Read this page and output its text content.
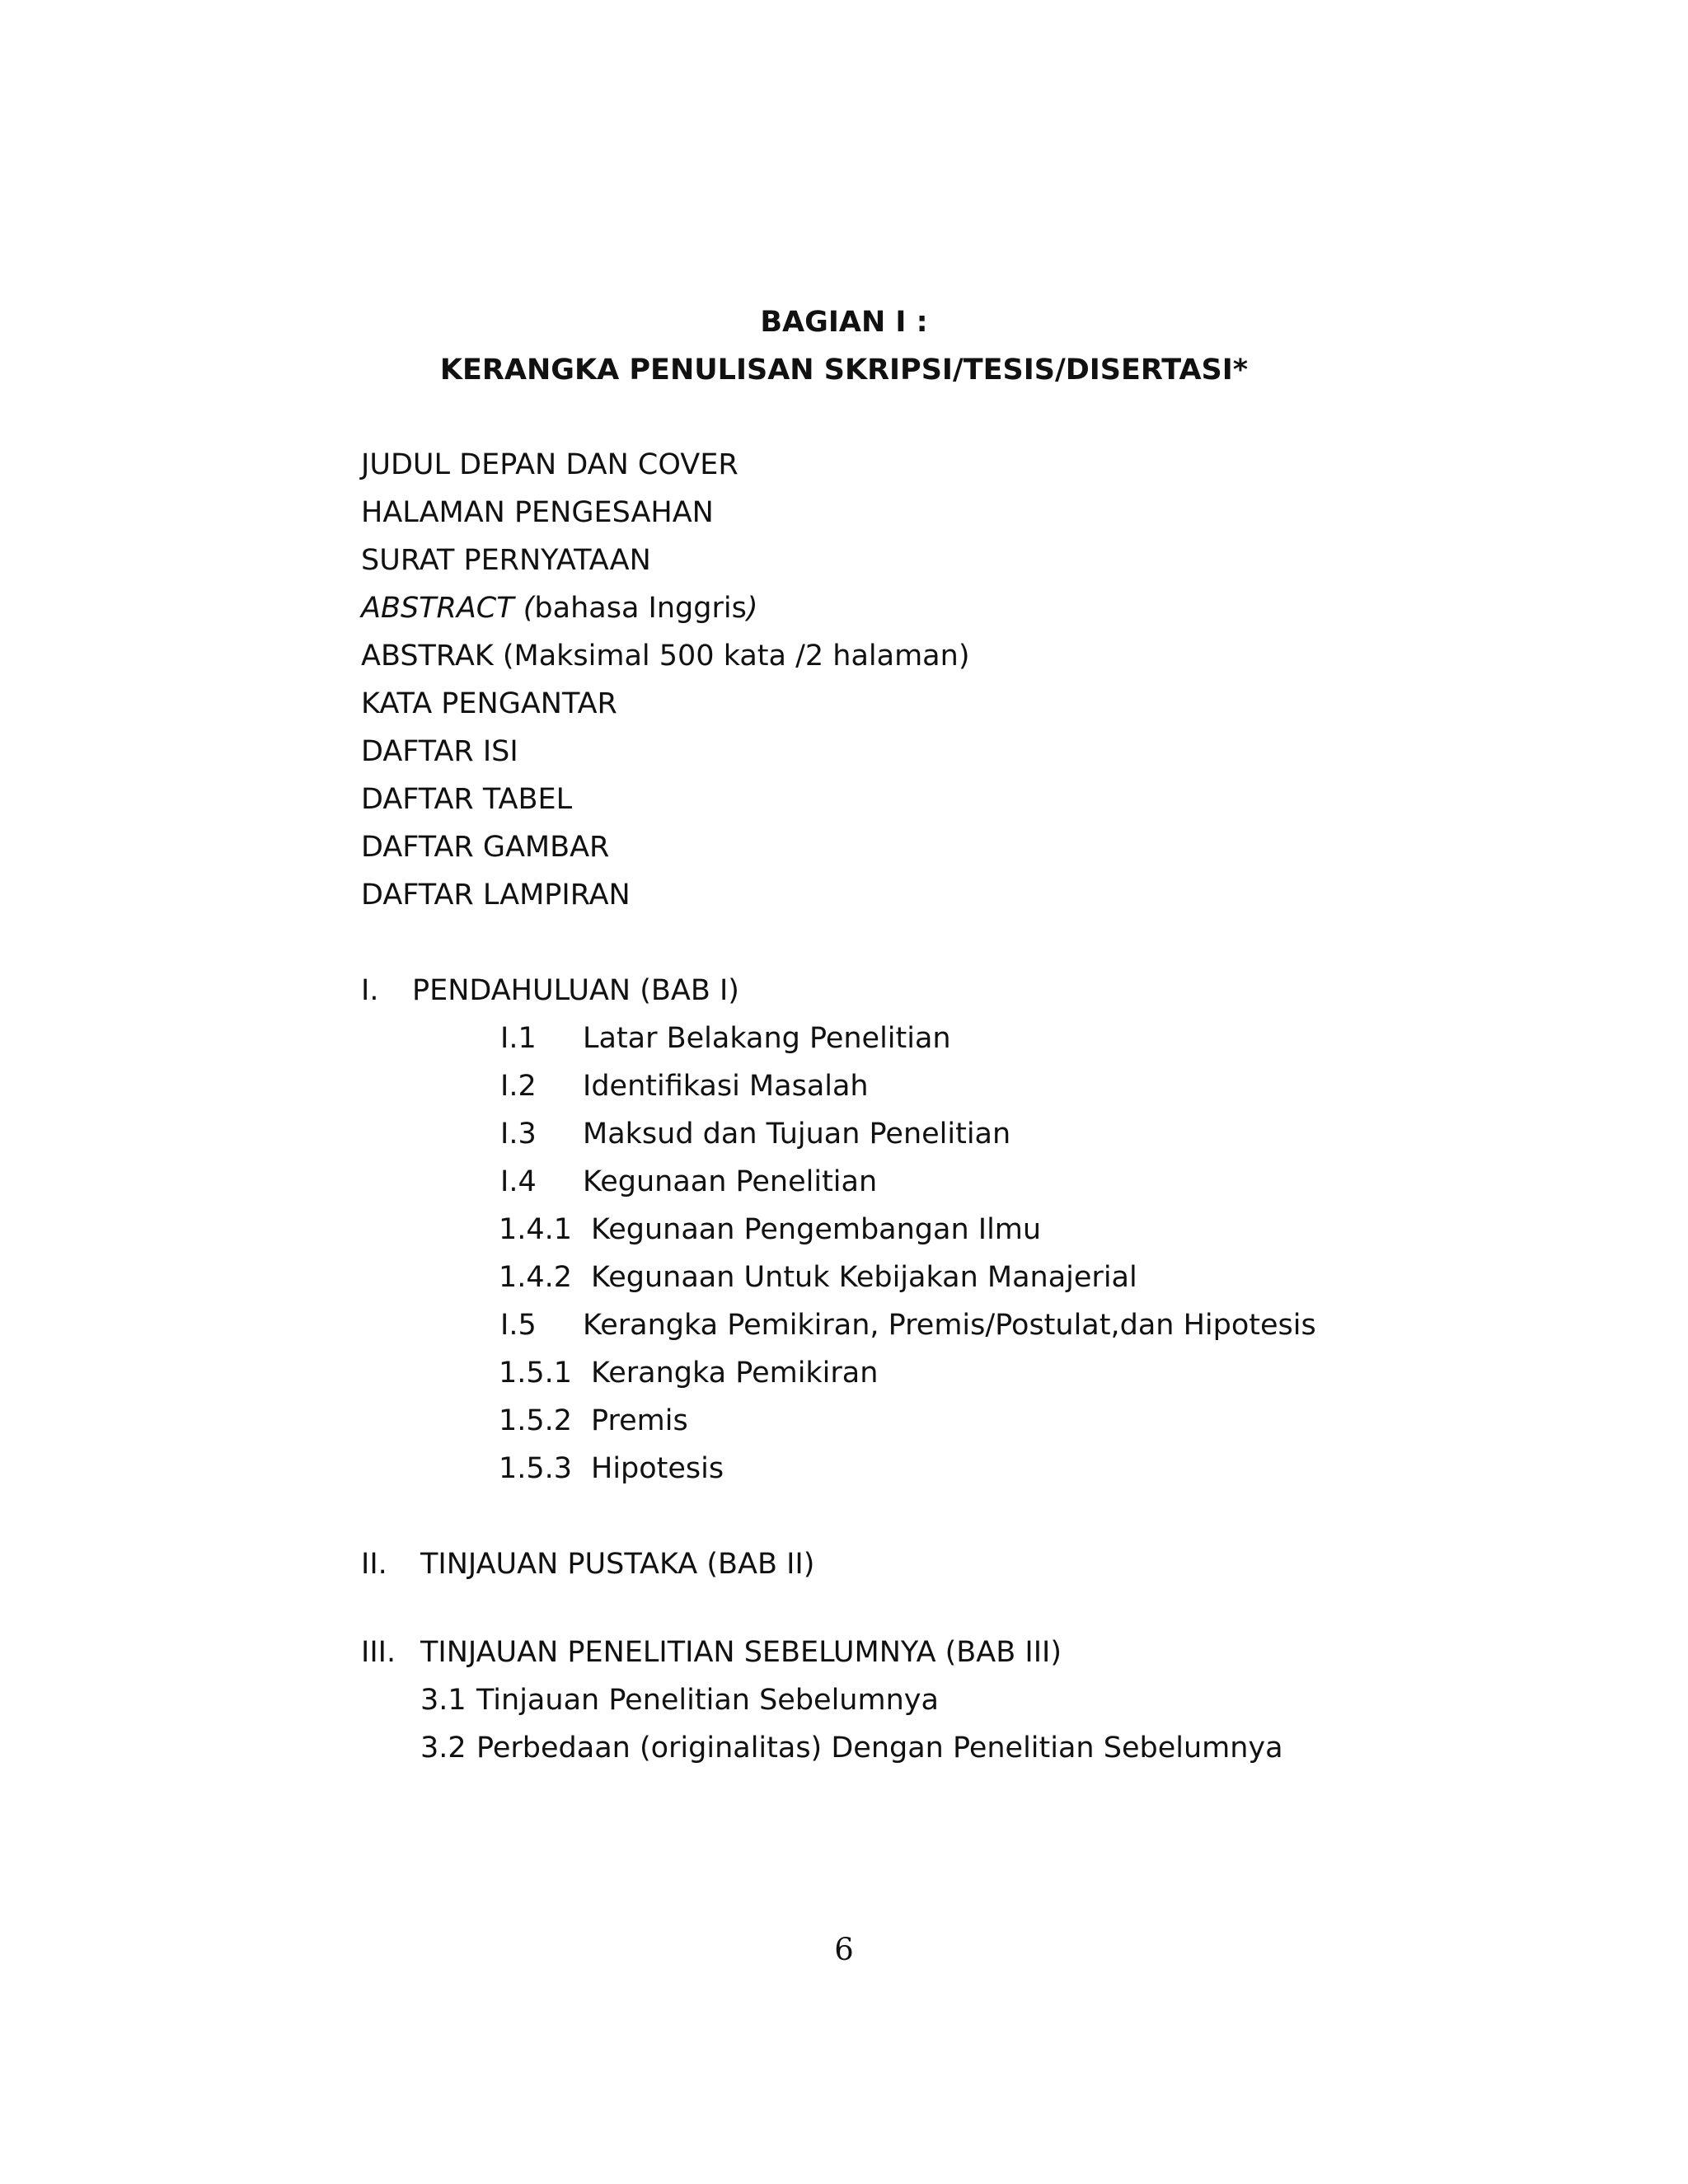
BAGIAN I :
KERANGKA PENULISAN SKRIPSI/TESIS/DISERTASI*
JUDUL DEPAN DAN COVER
HALAMAN PENGESAHAN
SURAT PERNYATAAN
ABSTRACT (bahasa Inggris)
ABSTRAK (Maksimal 500 kata /2 halaman)
KATA PENGANTAR
DAFTAR ISI
DAFTAR TABEL
DAFTAR GAMBAR
DAFTAR LAMPIRAN
I. PENDAHULUAN (BAB I)
I.1 Latar Belakang Penelitian
I.2 Identifikasi Masalah
I.3 Maksud dan Tujuan Penelitian
I.4 Kegunaan Penelitian
1.4.1 Kegunaan Pengembangan Ilmu
1.4.2 Kegunaan Untuk Kebijakan Manajerial
I.5 Kerangka Pemikiran, Premis/Postulat,dan Hipotesis
1.5.1 Kerangka Pemikiran
1.5.2 Premis
1.5.3 Hipotesis
II. TINJAUAN PUSTAKA (BAB II)
III. TINJAUAN PENELITIAN SEBELUMNYA (BAB III)
3.1 Tinjauan Penelitian Sebelumnya
3.2 Perbedaan (originalitas) Dengan Penelitian Sebelumnya
6
